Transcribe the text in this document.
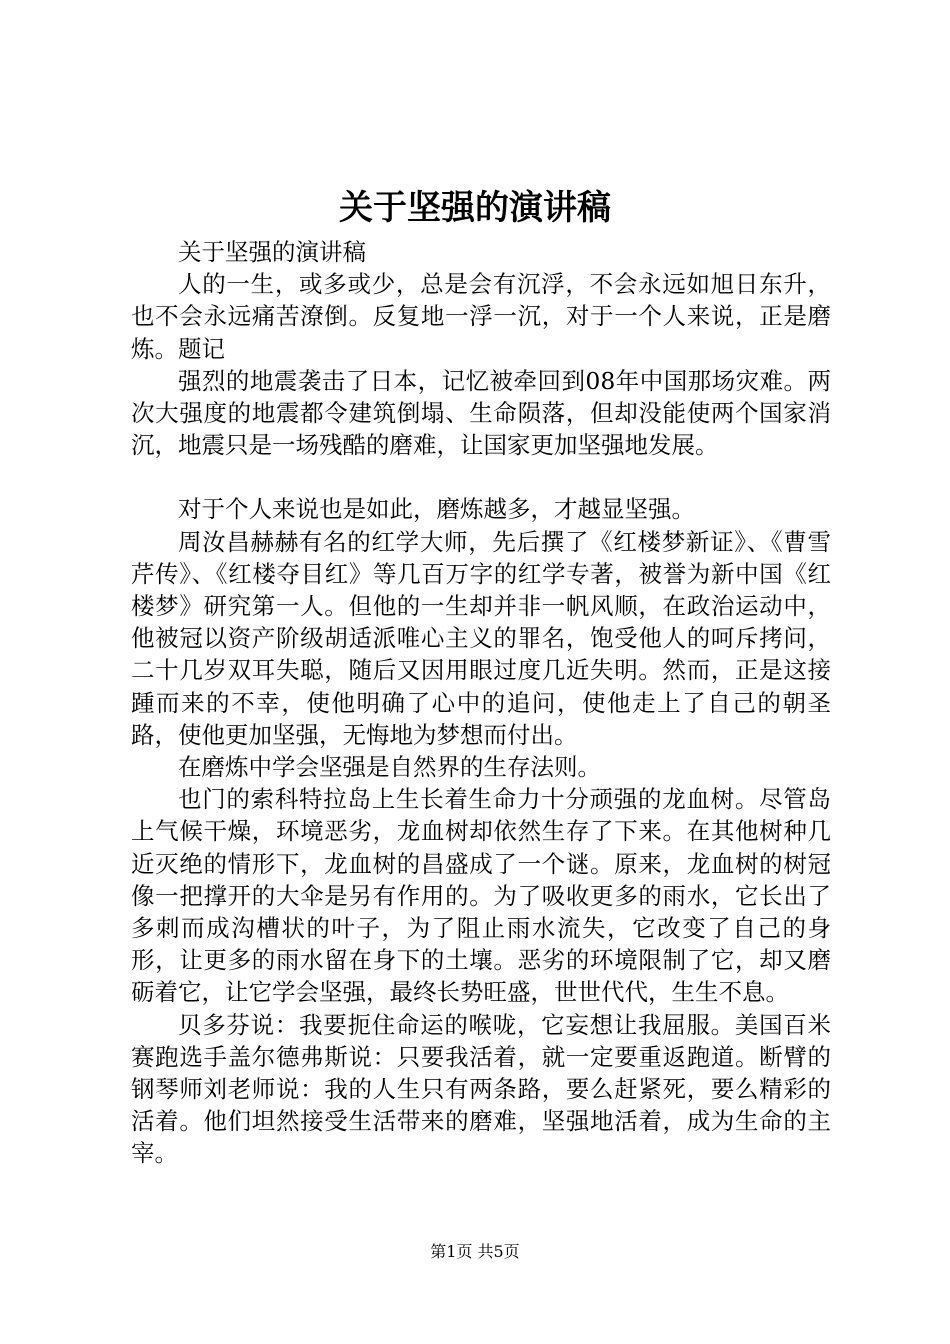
关于坚强的演讲稿

关于坚强的演讲稿

人的一生，或多或少，总是会有沉浮，不会永远如旭日东升，也不会永远痛苦潦倒。反复地一浮一沉，对于一个人来说，正是磨炼。题记

强烈的地震袭击了日本，记忆被牵回到08年中国那场灾难。两次大强度的地震都令建筑倒塌、生命陨落，但却没能使两个国家消沉，地震只是一场残酷的磨难，让国家更加坚强地发展。

对于个人来说也是如此，磨炼越多，才越显坚强。

周汝昌赫赫有名的红学大师，先后撰了《红楼梦新证》、《曹雪芹传》、《红楼夺目红》等几百万字的红学专著，被誉为新中国《红楼梦》研究第一人。但他的一生却并非一帆风顺，在政治运动中，他被冠以资产阶级胡适派唯心主义的罪名，饱受他人的呵斥拷问，二十几岁双耳失聪，随后又因用眼过度几近失明。然而，正是这接踵而来的不幸，使他明确了心中的追问，使他走上了自己的朝圣路，使他更加坚强，无悔地为梦想而付出。

在磨炼中学会坚强是自然界的生存法则。

也门的索科特拉岛上生长着生命力十分顽强的龙血树。尽管岛上气候干燥，环境恶劣，龙血树却依然生存了下来。在其他树种几近灭绝的情形下，龙血树的昌盛成了一个谜。原来，龙血树的树冠像一把撑开的大伞是另有作用的。为了吸收更多的雨水，它长出了多刺而成沟槽状的叶子，为了阻止雨水流失，它改变了自己的身形，让更多的雨水留在身下的土壤。恶劣的环境限制了它，却又磨砺着它，让它学会坚强，最终长势旺盛，世世代代，生生不息。

贝多芬说：我要扼住命运的喉咙，它妄想让我屈服。美国百米赛跑选手盖尔德弗斯说：只要我活着，就一定要重返跑道。断臂的钢琴师刘老师说：我的人生只有两条路，要么赶紧死，要么精彩的活着。他们坦然接受生活带来的磨难，坚强地活着，成为生命的主宰。

第1页 共5页
